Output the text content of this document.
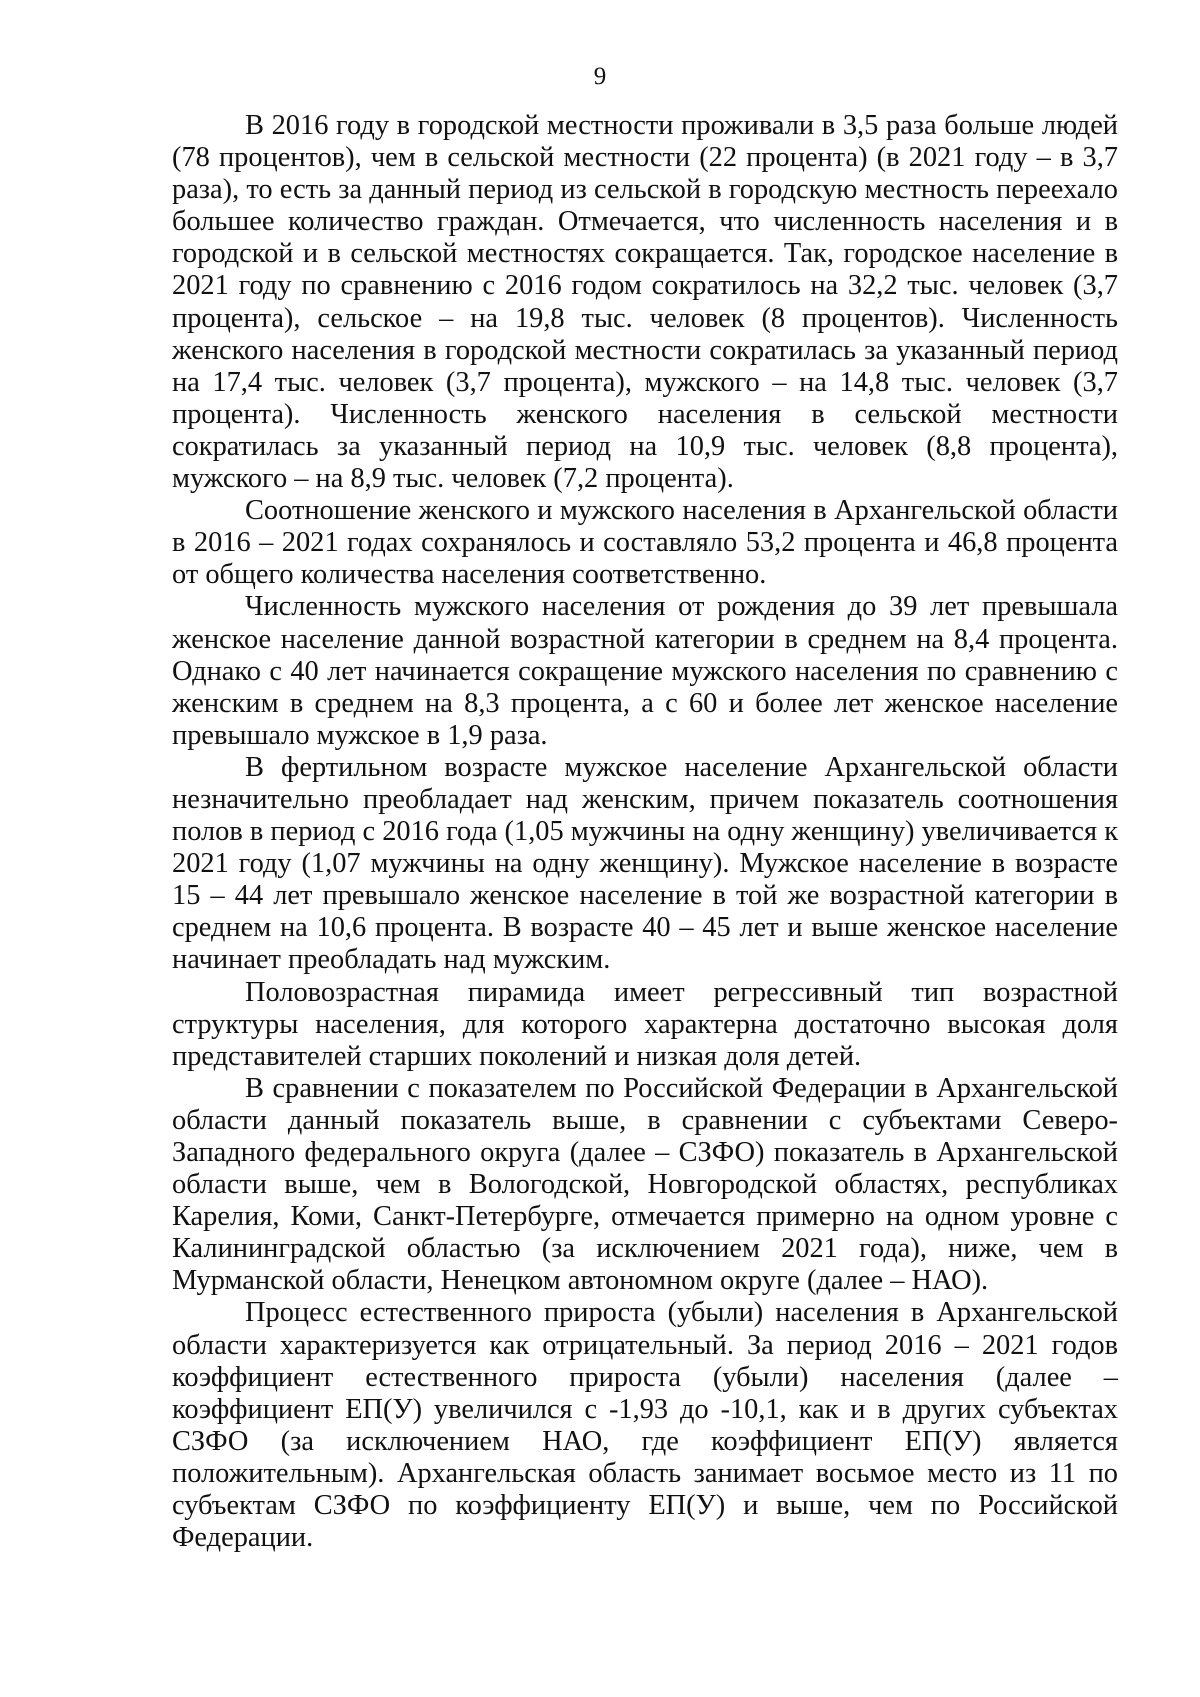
9

В 2016 году в городской местности проживали в 3,5 раза больше людей (78 процентов), чем в сельской местности (22 процента) (в 2021 году – в 3,7 раза), то есть за данный период из сельской в городскую местность переехало большее количество граждан. Отмечается, что численность населения и в городской и в сельской местностях сокращается. Так, городское население в 2021 году по сравнению с 2016 годом сократилось на 32,2 тыс. человек (3,7 процента), сельское – на 19,8 тыс. человек (8 процентов). Численность женского населения в городской местности сократилась за указанный период на 17,4 тыс. человек (3,7 процента), мужского – на 14,8 тыс. человек (3,7 процента). Численность женского населения в сельской местности сократилась за указанный период на 10,9 тыс. человек (8,8 процента), мужского – на 8,9 тыс. человек (7,2 процента).

Соотношение женского и мужского населения в Архангельской области в 2016 – 2021 годах сохранялось и составляло 53,2 процента и 46,8 процента от общего количества населения соответственно.

Численность мужского населения от рождения до 39 лет превышала женское население данной возрастной категории в среднем на 8,4 процента. Однако с 40 лет начинается сокращение мужского населения по сравнению с женским в среднем на 8,3 процента, а с 60 и более лет женское население превышало мужское в 1,9 раза.

В фертильном возрасте мужское население Архангельской области незначительно преобладает над женским, причем показатель соотношения полов в период с 2016 года (1,05 мужчины на одну женщину) увеличивается к 2021 году (1,07 мужчины на одну женщину). Мужское население в возрасте 15 – 44 лет превышало женское население в той же возрастной категории в среднем на 10,6 процента. В возрасте 40 – 45 лет и выше женское население начинает преобладать над мужским.

Половозрастная пирамида имеет регрессивный тип возрастной структуры населения, для которого характерна достаточно высокая доля представителей старших поколений и низкая доля детей.

В сравнении с показателем по Российской Федерации в Архангельской области данный показатель выше, в сравнении с субъектами Северо-Западного федерального округа (далее – СЗФО) показатель в Архангельской области выше, чем в Вологодской, Новгородской областях, республиках Карелия, Коми, Санкт-Петербурге, отмечается примерно на одном уровне с Калининградской областью (за исключением 2021 года), ниже, чем в Мурманской области, Ненецком автономном округе (далее – НАО).

Процесс естественного прироста (убыли) населения в Архангельской области характеризуется как отрицательный. За период 2016 – 2021 годов коэффициент естественного прироста (убыли) населения (далее – коэффициент ЕП(У) увеличился с -1,93 до -10,1, как и в других субъектах СЗФО (за исключением НАО, где коэффициент ЕП(У) является положительным). Архангельская область занимает восьмое место из 11 по субъектам СЗФО по коэффициенту ЕП(У) и выше, чем по Российской Федерации.
